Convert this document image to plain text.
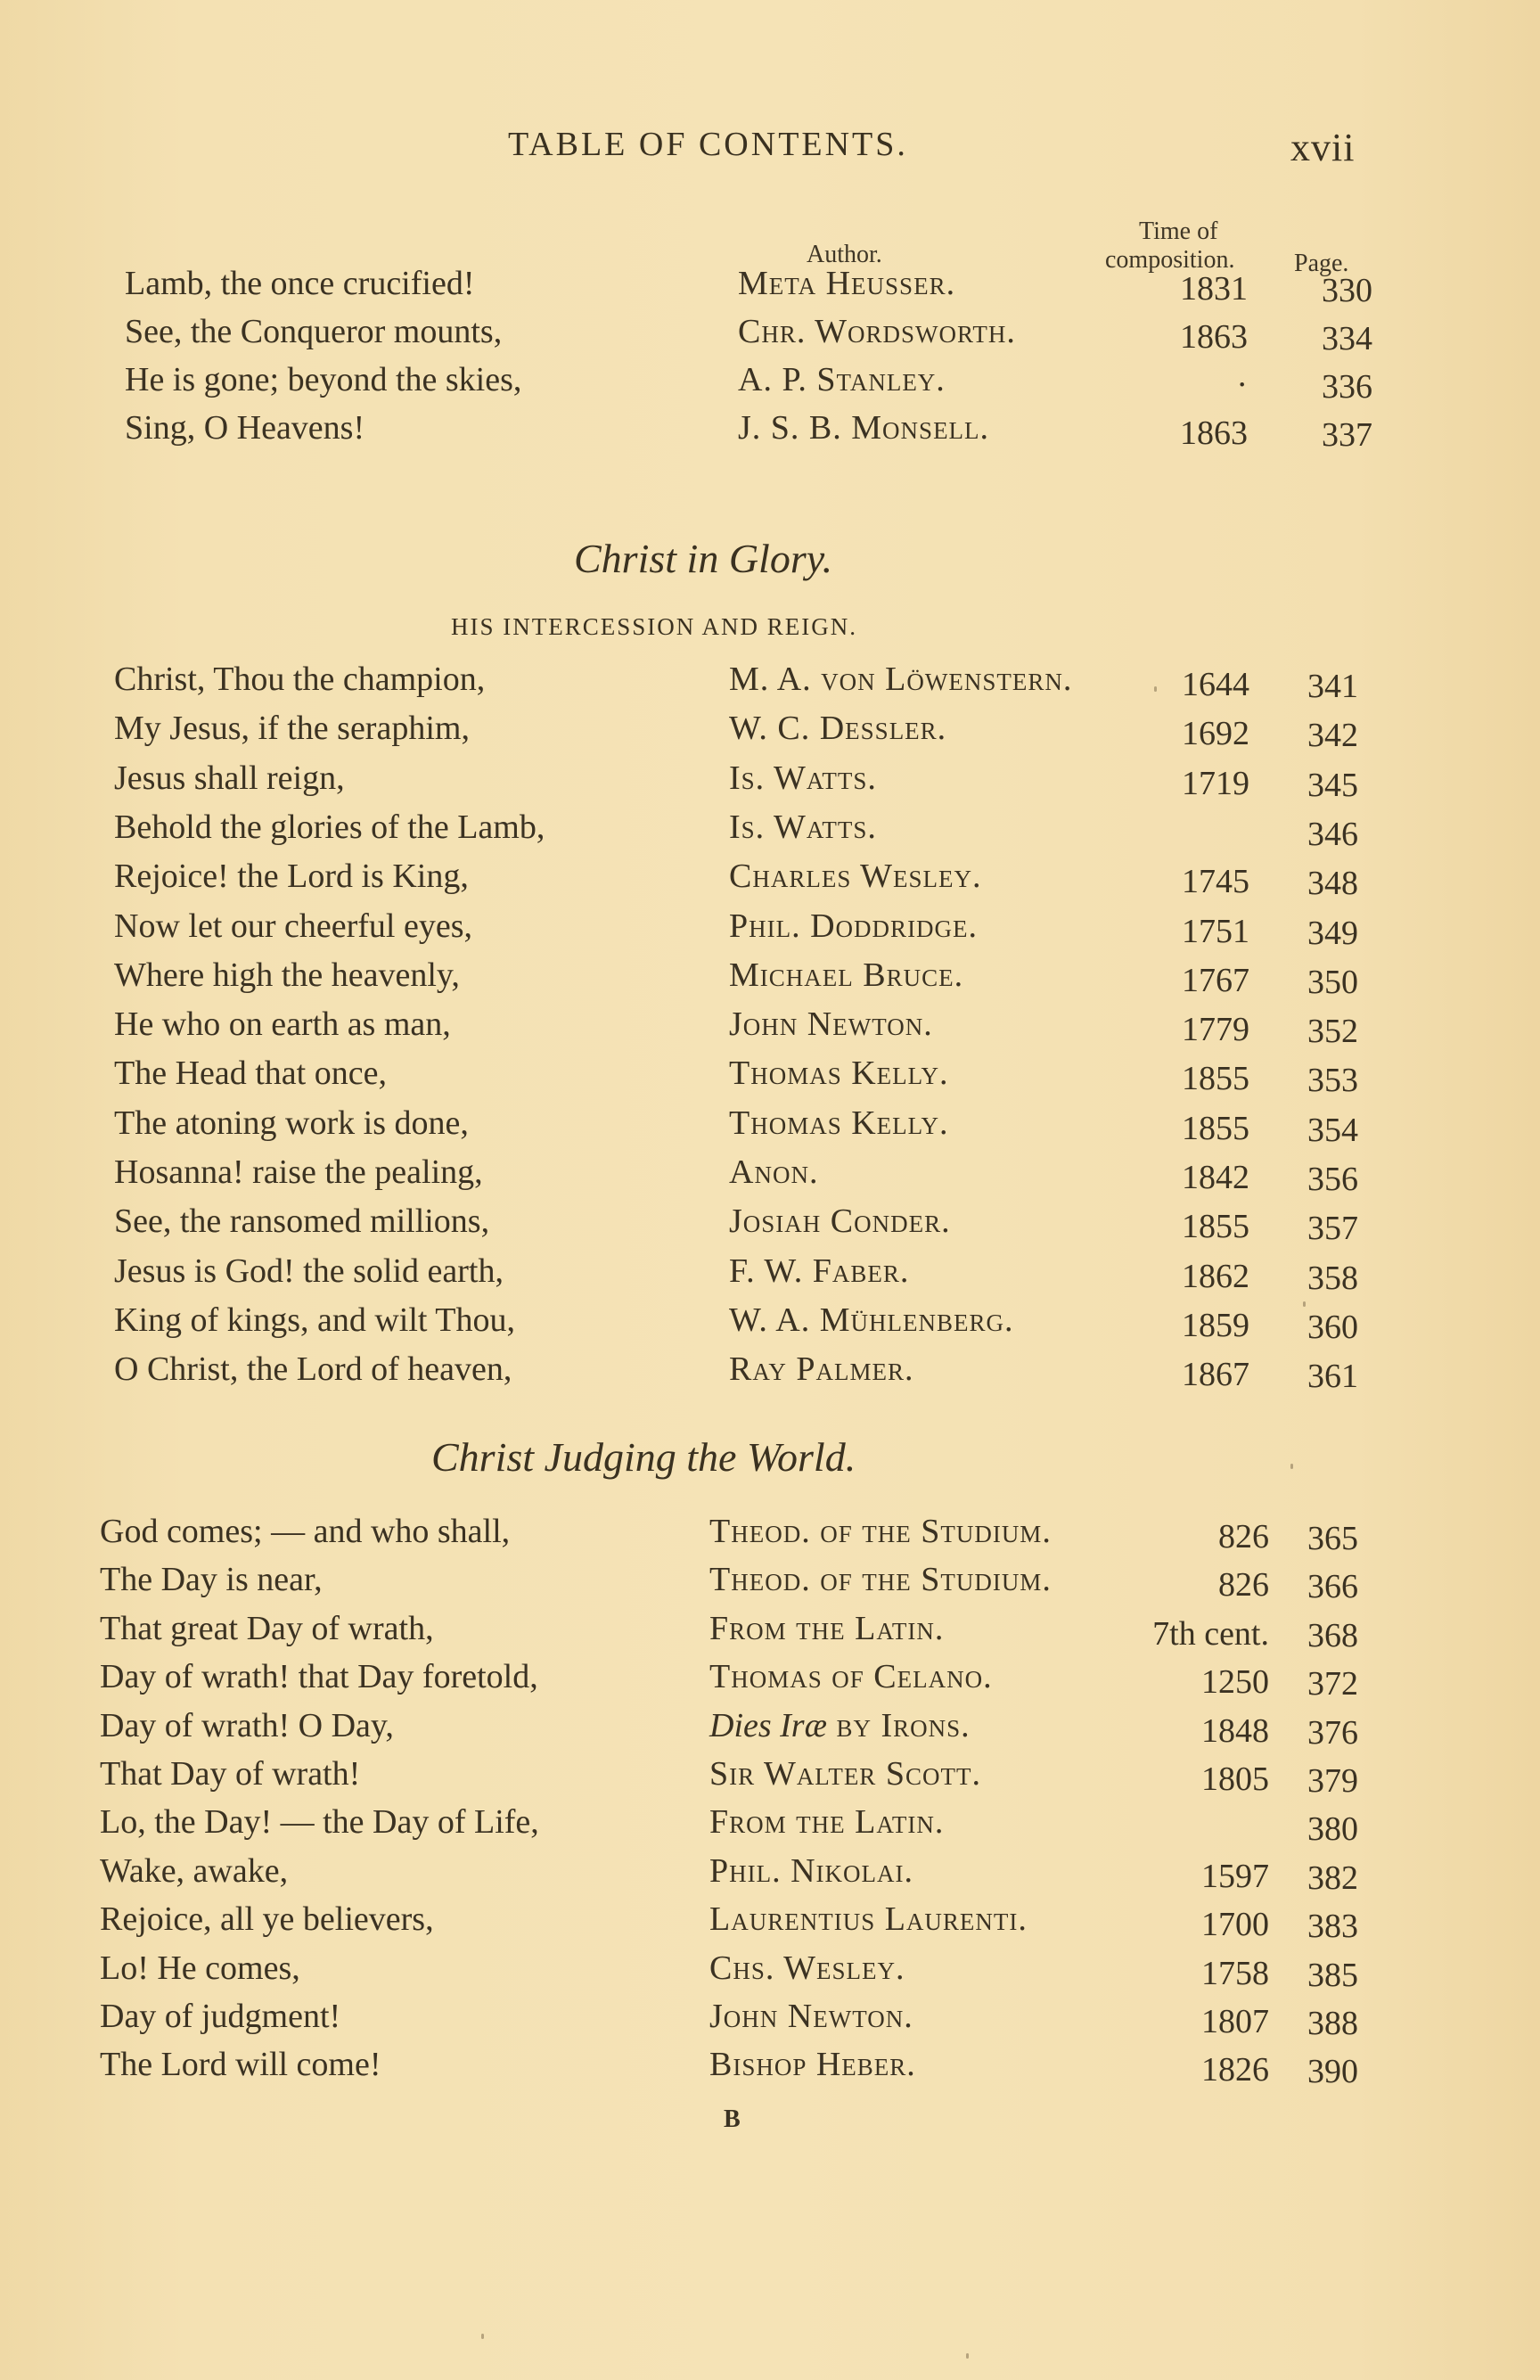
TABLE OF CONTENTS.	xvii
Author.
Time of
composition. Page.
Lamb, the once crucified!	Meta Heusser.	1831 330
See, the Conqueror mounts,	Chr. Wordsworth.	1863 334
He is gone; beyond the skies,	A. P. Stanley.	· 336
Sing, O Heavens!	J. S. B. Monsell.	1863 337
Christ in Glory.
HIS INTERCESSION AND REIGN.
Christ, Thou the champion,	M. A. von Löwenstern.	1644 341
My Jesus, if the seraphim,	W. C. Dessler.	1692 342
Jesus shall reign,	Is. Watts.	1719 345
Behold the glories of the Lamb,	Is. Watts.	346
Rejoice! the Lord is King,	Charles Wesley.	1745 348
Now let our cheerful eyes,	Phil. Doddridge.	1751 349
Where high the heavenly,	Michael Bruce.	1767 350
He who on earth as man,	John Newton.	1779 352
The Head that once,	Thomas Kelly.	1855 353
The atoning work is done,	Thomas Kelly.	1855 354
Hosanna! raise the pealing,	Anon.	1842 356
See, the ransomed millions,	Josiah Conder.	1855 357
Jesus is God! the solid earth,	F. W. Faber.	1862 358
King of kings, and wilt Thou,	W. A. Mühlenberg.	1859 360
O Christ, the Lord of heaven,	Ray Palmer.	1867 361
Christ Judging the World.
God comes; — and who shall,	Theod. of the Studium.	826 365
The Day is near,	Theod. of the Studium.	826 366
That great Day of wrath,	From the Latin.	7th cent. 368
Day of wrath! that Day foretold,	Thomas of Celano.	1250 372
Day of wrath! O Day,	Dies Iræ by Irons.	1848 376
That Day of wrath!	Sir Walter Scott.	1805 379
Lo, the Day! — the Day of Life,	From the Latin.	380
Wake, awake,	Phil. Nikolai.	1597 382
Rejoice, all ye believers,	Laurentius Laurenti.	1700 383
Lo! He comes,	Chs. Wesley.	1758 385
Day of judgment!	John Newton.	1807 388
The Lord will come!	Bishop Heber.	1826 390
B
